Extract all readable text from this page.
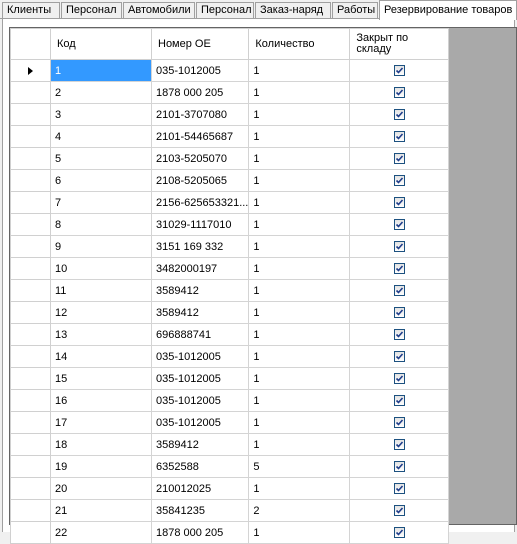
Клиенты	Персонал	Автомобили Персонал Заказ-наряд	Работы Резервирование товаров
	Код	Номер ОЕ	Количество	Закрыт по
складу
	1	035-1012005	1	

	2	1878 000 205	1	

	3	2101-3707080	1	

	4	2101-54465687	1	

	5	2103-5205070	1	

	6	2108-5205065	1	

	7	2156-625653321...	1	

	8	31029-1117010	1	

	9	3151 169 332	1	

	10	3482000197	1	

	11	3589412	1	

	12	3589412	1	

	13	696888741	1	

	14	035-1012005	1	

	15	035-1012005	1	

	16	035-1012005	1	

	17	035-1012005	1	

	18	3589412	1	

	19	6352588	5	

	20	210012025	1	

	21	35841235	2	

	22	1878 000 205	1	
